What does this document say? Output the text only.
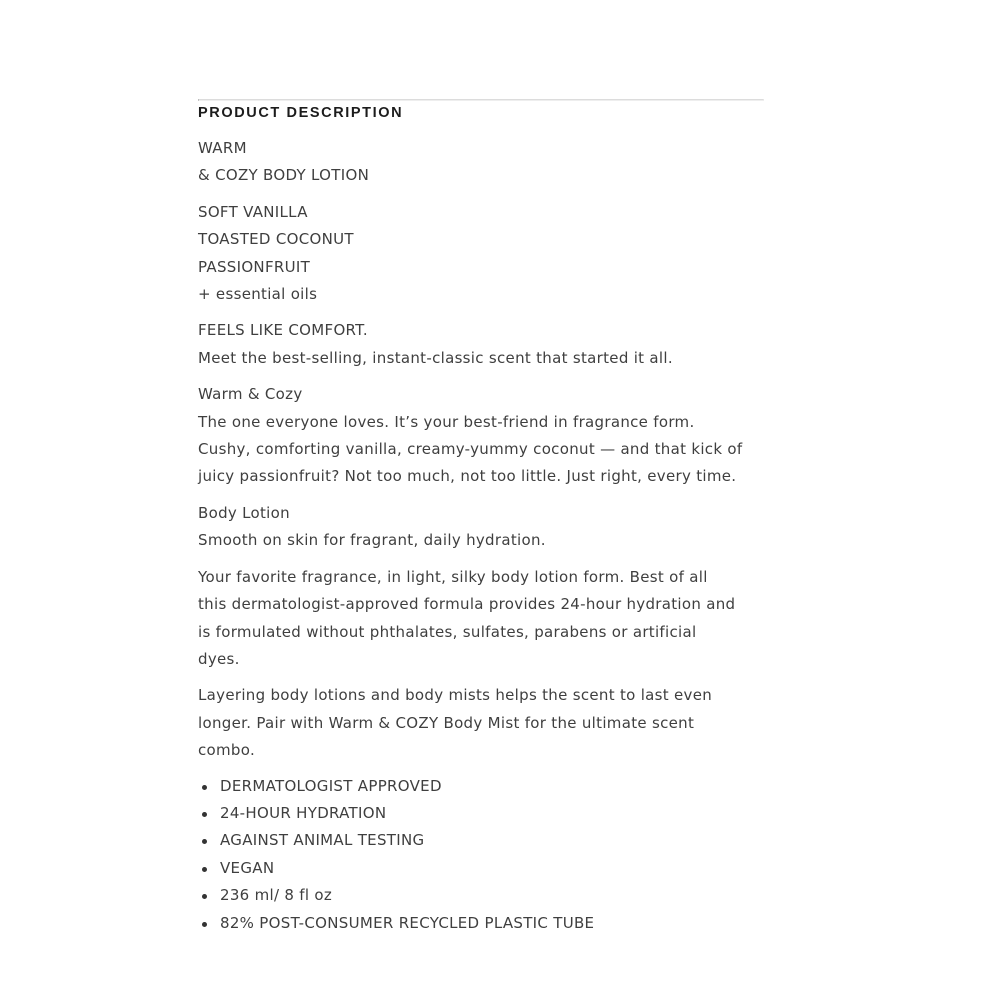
PRODUCT DESCRIPTION

WARM
& COZY BODY LOTION

SOFT VANILLA
TOASTED COCONUT
PASSIONFRUIT
+ essential oils

FEELS LIKE COMFORT.
Meet the best-selling, instant-classic scent that started it all.

Warm & Cozy
The one everyone loves. It’s your best-friend in fragrance form.
Cushy, comforting vanilla, creamy-yummy coconut — and that kick of
juicy passionfruit? Not too much, not too little. Just right, every time.

Body Lotion
Smooth on skin for fragrant, daily hydration.

Your favorite fragrance, in light, silky body lotion form. Best of all
this dermatologist-approved formula provides 24-hour hydration and
is formulated without phthalates, sulfates, parabens or artificial
dyes.

Layering body lotions and body mists helps the scent to last even
longer. Pair with Warm & COZY Body Mist for the ultimate scent
combo.

DERMATOLOGIST APPROVED
24-HOUR HYDRATION
AGAINST ANIMAL TESTING
VEGAN
236 ml/ 8 fl oz
82% POST-CONSUMER RECYCLED PLASTIC TUBE
